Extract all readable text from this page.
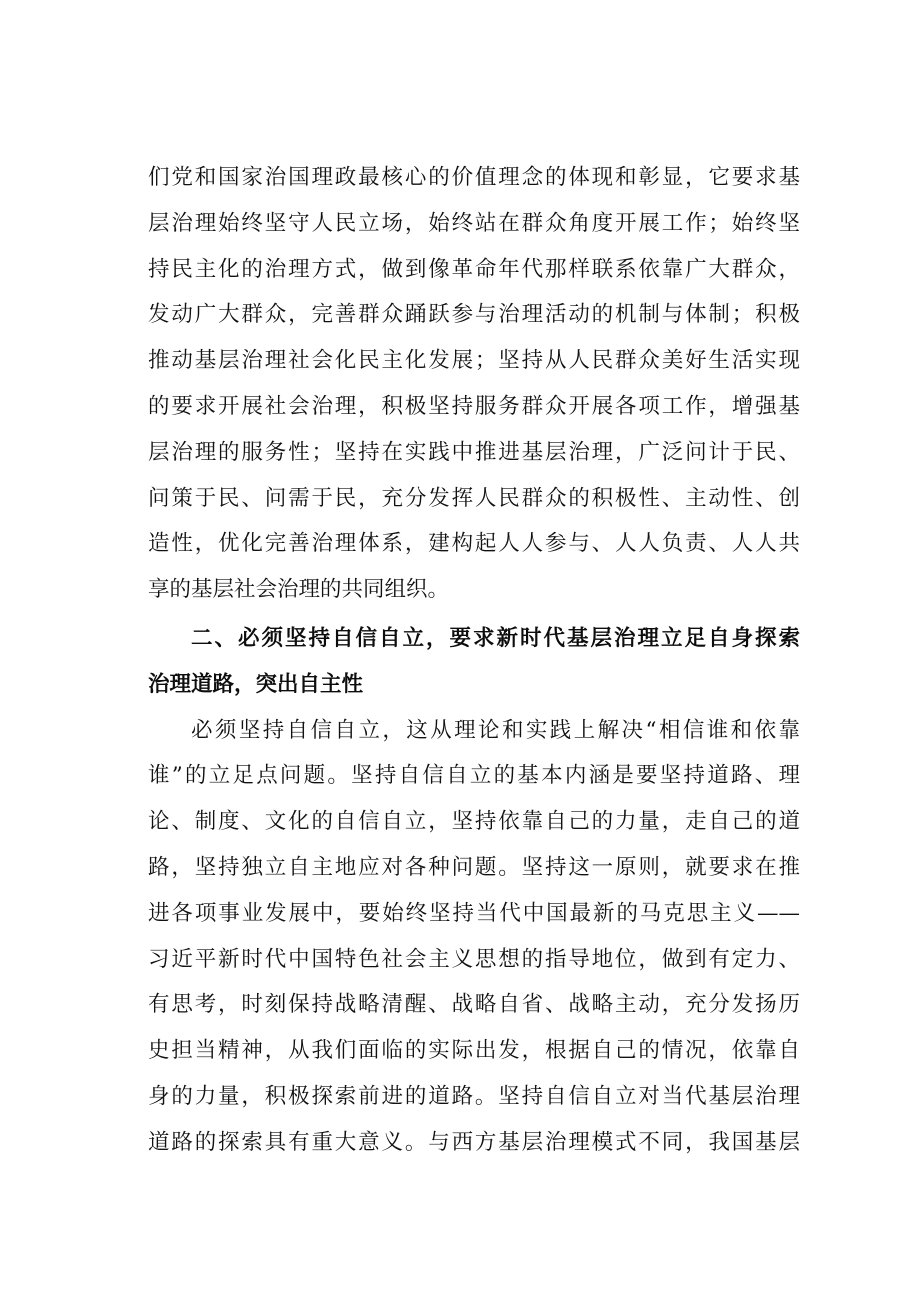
们党和国家治国理政最核心的价值理念的体现和彰显，它要求基
层治理始终坚守人民立场，始终站在群众角度开展工作；始终坚
持民主化的治理方式，做到像革命年代那样联系依靠广大群众，
发动广大群众，完善群众踊跃参与治理活动的机制与体制；积极
推动基层治理社会化民主化发展；坚持从人民群众美好生活实现
的要求开展社会治理，积极坚持服务群众开展各项工作，增强基
层治理的服务性；坚持在实践中推进基层治理，广泛问计于民、
问策于民、问需于民，充分发挥人民群众的积极性、主动性、创
造性，优化完善治理体系，建构起人人参与、人人负责、人人共
享的基层社会治理的共同组织。
二、必须坚持自信自立，要求新时代基层治理立足自身探索
治理道路，突出自主性
必须坚持自信自立，这从理论和实践上解决“相信谁和依靠
谁”的立足点问题。坚持自信自立的基本内涵是要坚持道路、理
论、制度、文化的自信自立，坚持依靠自己的力量，走自己的道
路，坚持独立自主地应对各种问题。坚持这一原则，就要求在推
进各项事业发展中，要始终坚持当代中国最新的马克思主义——
习近平新时代中国特色社会主义思想的指导地位，做到有定力、
有思考，时刻保持战略清醒、战略自省、战略主动，充分发扬历
史担当精神，从我们面临的实际出发，根据自己的情况，依靠自
身的力量，积极探索前进的道路。坚持自信自立对当代基层治理
道路的探索具有重大意义。与西方基层治理模式不同，我国基层
